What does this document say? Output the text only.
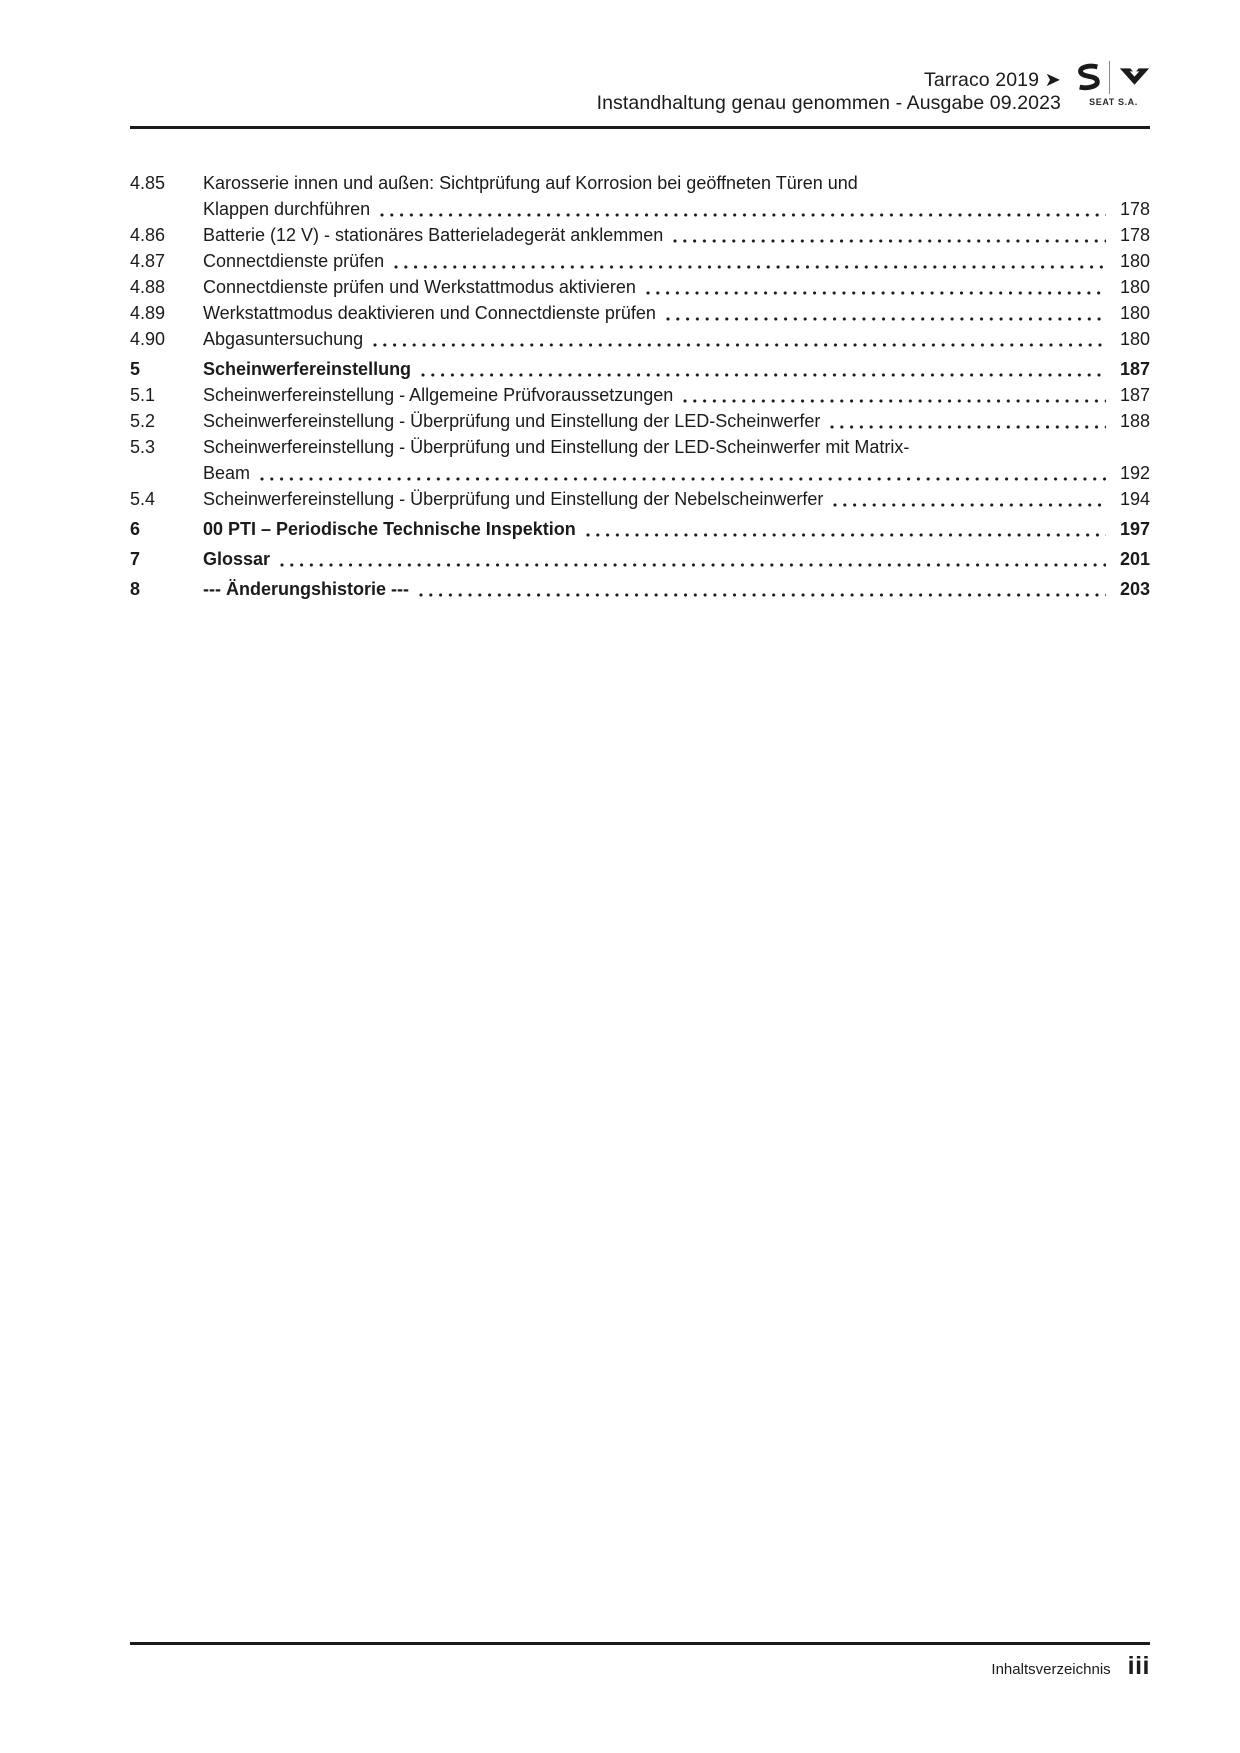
Tarraco 2019 ➤
Instandhaltung genau genommen - Ausgabe 09.2023	SEAT S.A.
4.85	Karosserie innen und außen: Sichtprüfung auf Korrosion bei geöffneten Türen und
Klappen durchführen	178
4.86	Batterie (12 V) - stationäres Batterieladegerät anklemmen	178
4.87	Connectdienste prüfen	180
4.88	Connectdienste prüfen und Werkstattmodus aktivieren	180
4.89	Werkstattmodus deaktivieren und Connectdienste prüfen	180
4.90	Abgasuntersuchung	180
5	Scheinwerfereinstellung	187
5.1	Scheinwerfereinstellung - Allgemeine Prüfvoraussetzungen	187
5.2	Scheinwerfereinstellung - Überprüfung und Einstellung der LED-Scheinwerfer	188
5.3	Scheinwerfereinstellung - Überprüfung und Einstellung der LED-Scheinwerfer mit Matrix-
Beam	192
5.4	Scheinwerfereinstellung - Überprüfung und Einstellung der Nebelscheinwerfer	194
6	00 PTI – Periodische Technische Inspektion	197
7	Glossar	201
8	--- Änderungshistorie ---	203
Inhaltsverzeichnis iii
